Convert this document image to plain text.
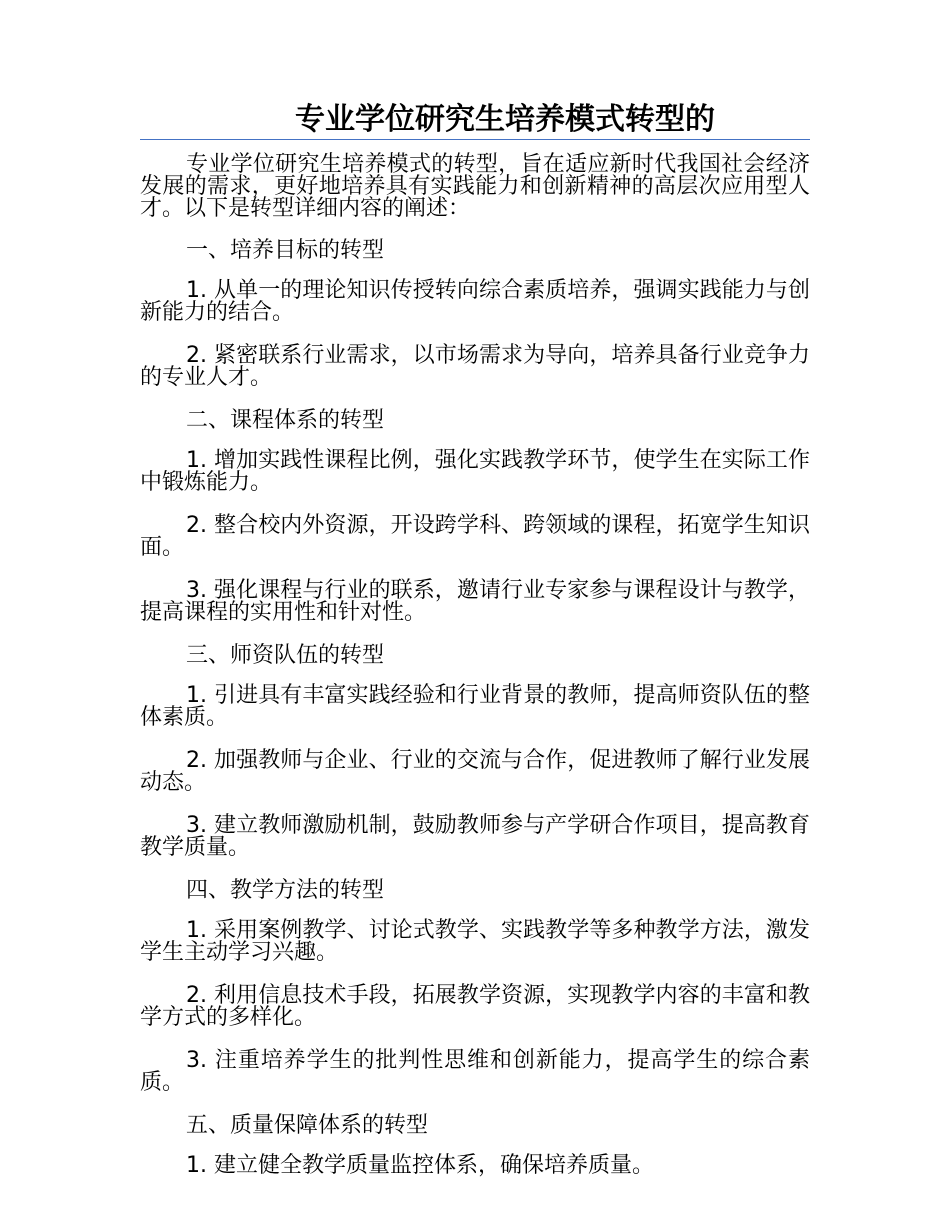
专业学位研究生培养模式转型的

专业学位研究生培养模式的转型，旨在适应新时代我国社会经济发展的需求，更好地培养具有实践能力和创新精神的高层次应用型人才。以下是转型详细内容的阐述：

一、培养目标的转型

1. 从单一的理论知识传授转向综合素质培养，强调实践能力与创新能力的结合。

2. 紧密联系行业需求，以市场需求为导向，培养具备行业竞争力的专业人才。

二、课程体系的转型

1. 增加实践性课程比例，强化实践教学环节，使学生在实际工作中锻炼能力。

2. 整合校内外资源，开设跨学科、跨领域的课程，拓宽学生知识面。

3. 强化课程与行业的联系，邀请行业专家参与课程设计与教学，提高课程的实用性和针对性。

三、师资队伍的转型

1. 引进具有丰富实践经验和行业背景的教师，提高师资队伍的整体素质。

2. 加强教师与企业、行业的交流与合作，促进教师了解行业发展动态。

3. 建立教师激励机制，鼓励教师参与产学研合作项目，提高教育教学质量。

四、教学方法的转型

1. 采用案例教学、讨论式教学、实践教学等多种教学方法，激发学生主动学习兴趣。

2. 利用信息技术手段，拓展教学资源，实现教学内容的丰富和教学方式的多样化。

3. 注重培养学生的批判性思维和创新能力，提高学生的综合素质。

五、质量保障体系的转型

1. 建立健全教学质量监控体系，确保培养质量。
